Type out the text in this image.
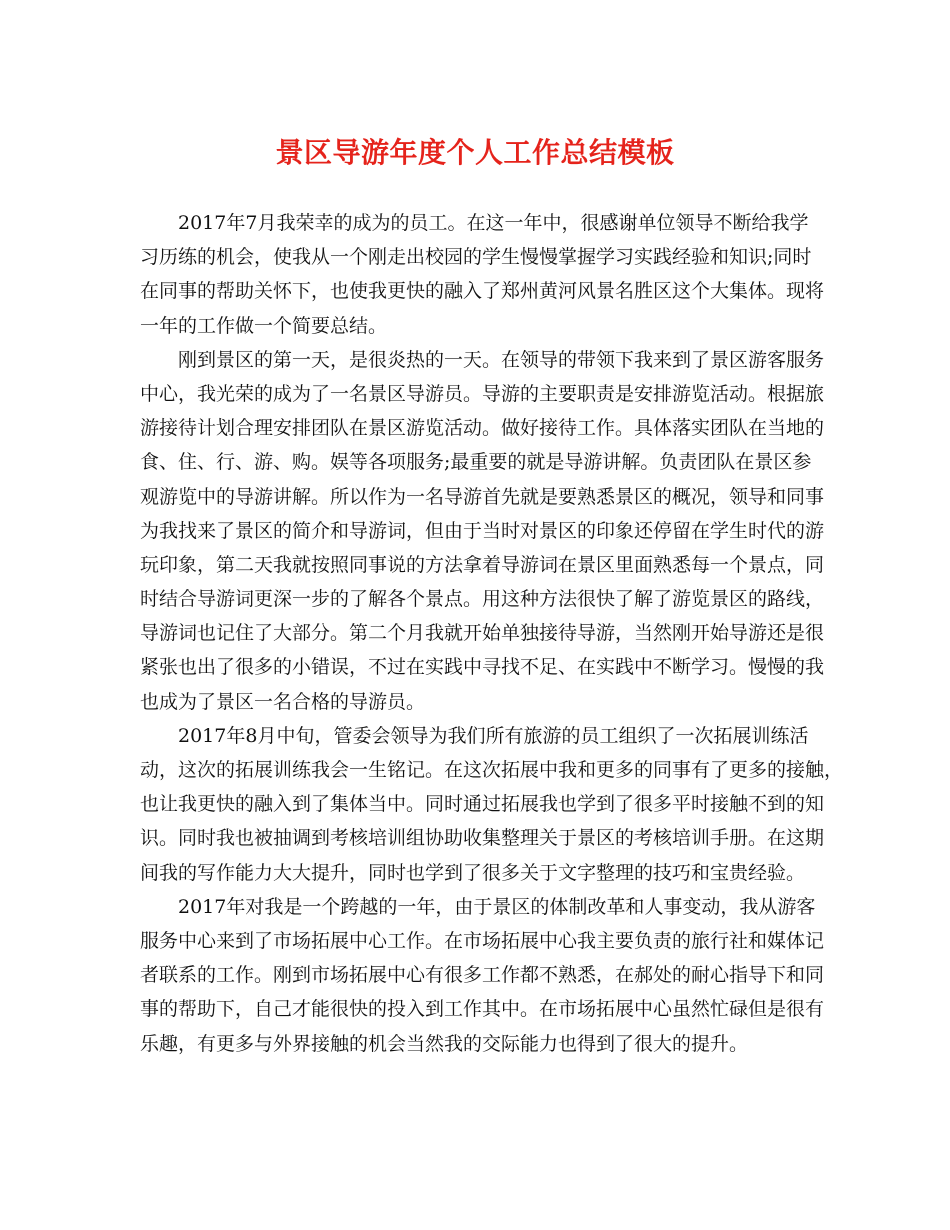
景区导游年度个人工作总结模板
2017年7月我荣幸的成为的员工。在这一年中，很感谢单位领导不断给我学
习历练的机会，使我从一个刚走出校园的学生慢慢掌握学习实践经验和知识;同时
在同事的帮助关怀下，也使我更快的融入了郑州黄河风景名胜区这个大集体。现将
一年的工作做一个简要总结。
刚到景区的第一天，是很炎热的一天。在领导的带领下我来到了景区游客服务
中心，我光荣的成为了一名景区导游员。导游的主要职责是安排游览活动。根据旅
游接待计划合理安排团队在景区游览活动。做好接待工作。具体落实团队在当地的
食、住、行、游、购。娱等各项服务;最重要的就是导游讲解。负责团队在景区参
观游览中的导游讲解。所以作为一名导游首先就是要熟悉景区的概况，领导和同事
为我找来了景区的简介和导游词，但由于当时对景区的印象还停留在学生时代的游
玩印象，第二天我就按照同事说的方法拿着导游词在景区里面熟悉每一个景点，同
时结合导游词更深一步的了解各个景点。用这种方法很快了解了游览景区的路线，
导游词也记住了大部分。第二个月我就开始单独接待导游，当然刚开始导游还是很
紧张也出了很多的小错误，不过在实践中寻找不足、在实践中不断学习。慢慢的我
也成为了景区一名合格的导游员。
2017年8月中旬，管委会领导为我们所有旅游的员工组织了一次拓展训练活
动，这次的拓展训练我会一生铭记。在这次拓展中我和更多的同事有了更多的接触，
也让我更快的融入到了集体当中。同时通过拓展我也学到了很多平时接触不到的知
识。同时我也被抽调到考核培训组协助收集整理关于景区的考核培训手册。在这期
间我的写作能力大大提升，同时也学到了很多关于文字整理的技巧和宝贵经验。
2017年对我是一个跨越的一年，由于景区的体制改革和人事变动，我从游客
服务中心来到了市场拓展中心工作。在市场拓展中心我主要负责的旅行社和媒体记
者联系的工作。刚到市场拓展中心有很多工作都不熟悉，在郝处的耐心指导下和同
事的帮助下，自己才能很快的投入到工作其中。在市场拓展中心虽然忙碌但是很有
乐趣，有更多与外界接触的机会当然我的交际能力也得到了很大的提升。
